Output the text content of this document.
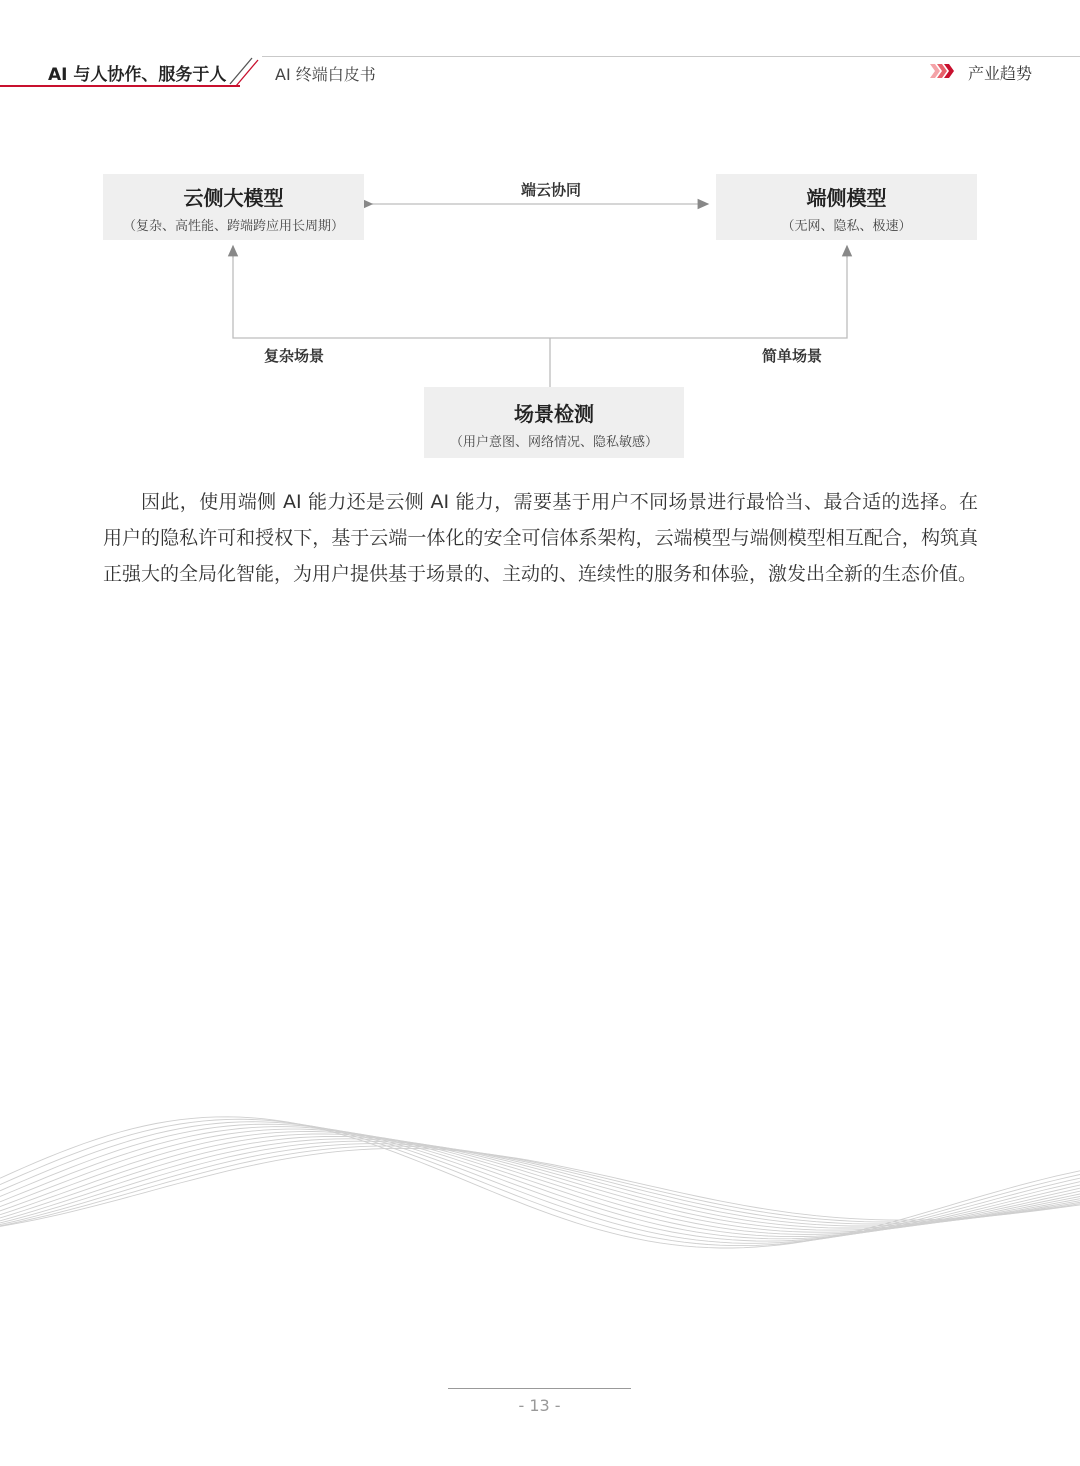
AI 与人协作、服务于人	AI 终端白皮书	产业趋势
云侧大模型
（复杂、高性能、跨端跨应用长周期）
端侧模型
（无网、隐私、极速）
场景检测
（用户意图、网络情况、隐私敏感）
端云协同
复杂场景	简单场景
因此，使用端侧 AI 能力还是云侧 AI 能力，需要基于用户不同场景进行最恰当、最合适的选择。在用户的隐私许可和授权下，基于云端一体化的安全可信体系架构，云端模型与端侧模型相互配合，构筑真正强大的全局化智能，为用户提供基于场景的、主动的、连续性的服务和体验，激发出全新的生态价值。
- 13 -
